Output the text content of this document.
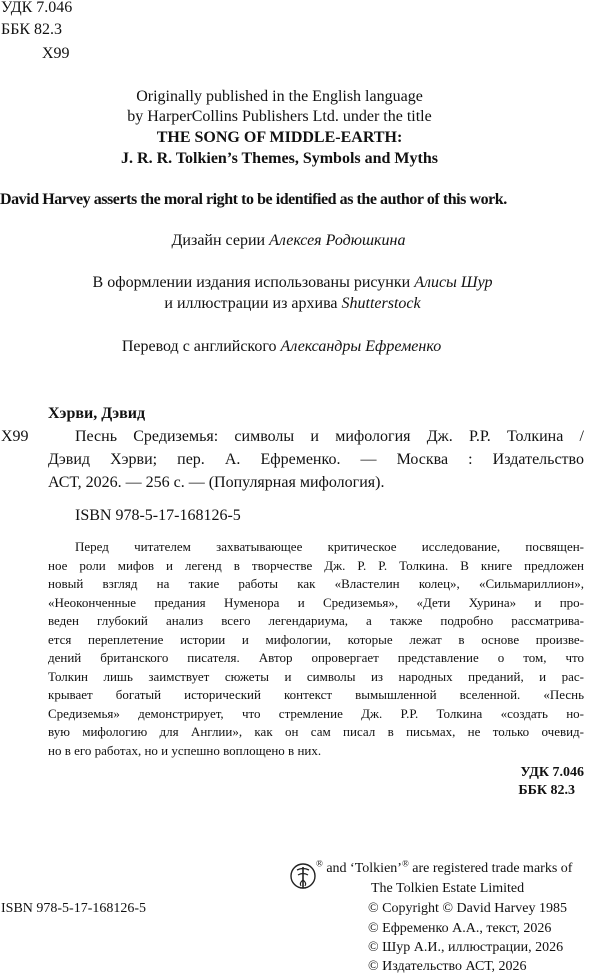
УДК 7.046
ББК 82.3
Х99
Originally published in the English language
by HarperCollins Publishers Ltd. under the title
THE SONG OF MIDDLE-EARTH:
J. R. R. Tolkien’s Themes, Symbols and Myths
David Harvey asserts the moral right to be identified as the author of this work.
Дизайн серии Алексея Родюшкина
В оформлении издания использованы рисунки Алисы Шур
и иллюстрации из архива Shutterstock
Перевод с английского Александры Ефременко
Хэрви, Дэвид
Х99	Песнь Средиземья: символы и мифология Дж. Р.Р. Толкина /
Дэвид Хэрви; пер. А. Ефременко. — Москва : Издательство
АСТ, 2026. — 256 с. — (Популярная мифология).
ISBN 978-5-17-168126-5
Перед читателем захватывающее критическое исследование, посвящен-
ное роли мифов и легенд в творчестве Дж. Р. Р. Толкина. В книге предложен
новый взгляд на такие работы как «Властелин колец», «Сильмариллион»,
«Неоконченные предания Нуменора и Средиземья», «Дети Хурина» и про-
веден глубокий анализ всего легендариума, а также подробно рассматрива-
ется переплетение истории и мифологии, которые лежат в основе произве-
дений британского писателя. Автор опровергает представление о том, что
Толкин лишь заимствует сюжеты и символы из народных преданий, и рас-
крывает богатый исторический контекст вымышленной вселенной. «Песнь
Средиземья» демонстрирует, что стремление Дж. Р.Р. Толкина «создать но-
вую мифологию для Англии», как он сам писал в письмах, не только очевид-
но в его работах, но и успешно воплощено в них.
УДК 7.046
ББК 82.3
® and ‘Tolkien’® are registered trade marks of
The Tolkien Estate Limited
ISBN 978-5-17-168126-5	© Copyright © David Harvey 1985
© Ефременко А.А., текст, 2026
© Шур А.И., иллюстрации, 2026
© Издательство АСТ, 2026
